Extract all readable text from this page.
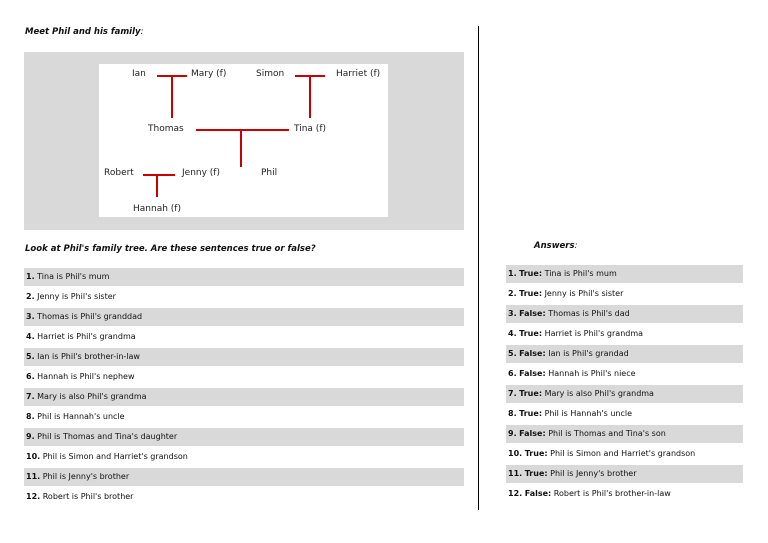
Meet Phil and his family:
Ian	Mary (f)	Simon	Harriet (f)
Thomas	Tina (f)
Robert	Jenny (f)	Phil
Hannah (f)
Look at Phil's family tree. Are these sentences true or false?	Answers:
1. Tina is Phil's mum
2. Jenny is Phil's sister
3. Thomas is Phil's granddad
4. Harriet is Phil's grandma
5. Ian is Phil's brother-in-law
6. Hannah is Phil's nephew
7. Mary is also Phil's grandma
8. Phil is Hannah's uncle
9. Phil is Thomas and Tina's daughter
10. Phil is Simon and Harriet's grandson
11. Phil is Jenny's brother
12. Robert is Phil's brother
1. True: Tina is Phil's mum
2. True: Jenny is Phil's sister
3. False: Thomas is Phil's dad
4. True: Harriet is Phil's grandma
5. False: Ian is Phil's grandad
6. False: Hannah is Phil's niece
7. True: Mary is also Phil's grandma
8. True: Phil is Hannah's uncle
9. False: Phil is Thomas and Tina's son
10. True: Phil is Simon and Harriet's grandson
11. True: Phil is Jenny's brother
12. False: Robert is Phil's brother-in-law
